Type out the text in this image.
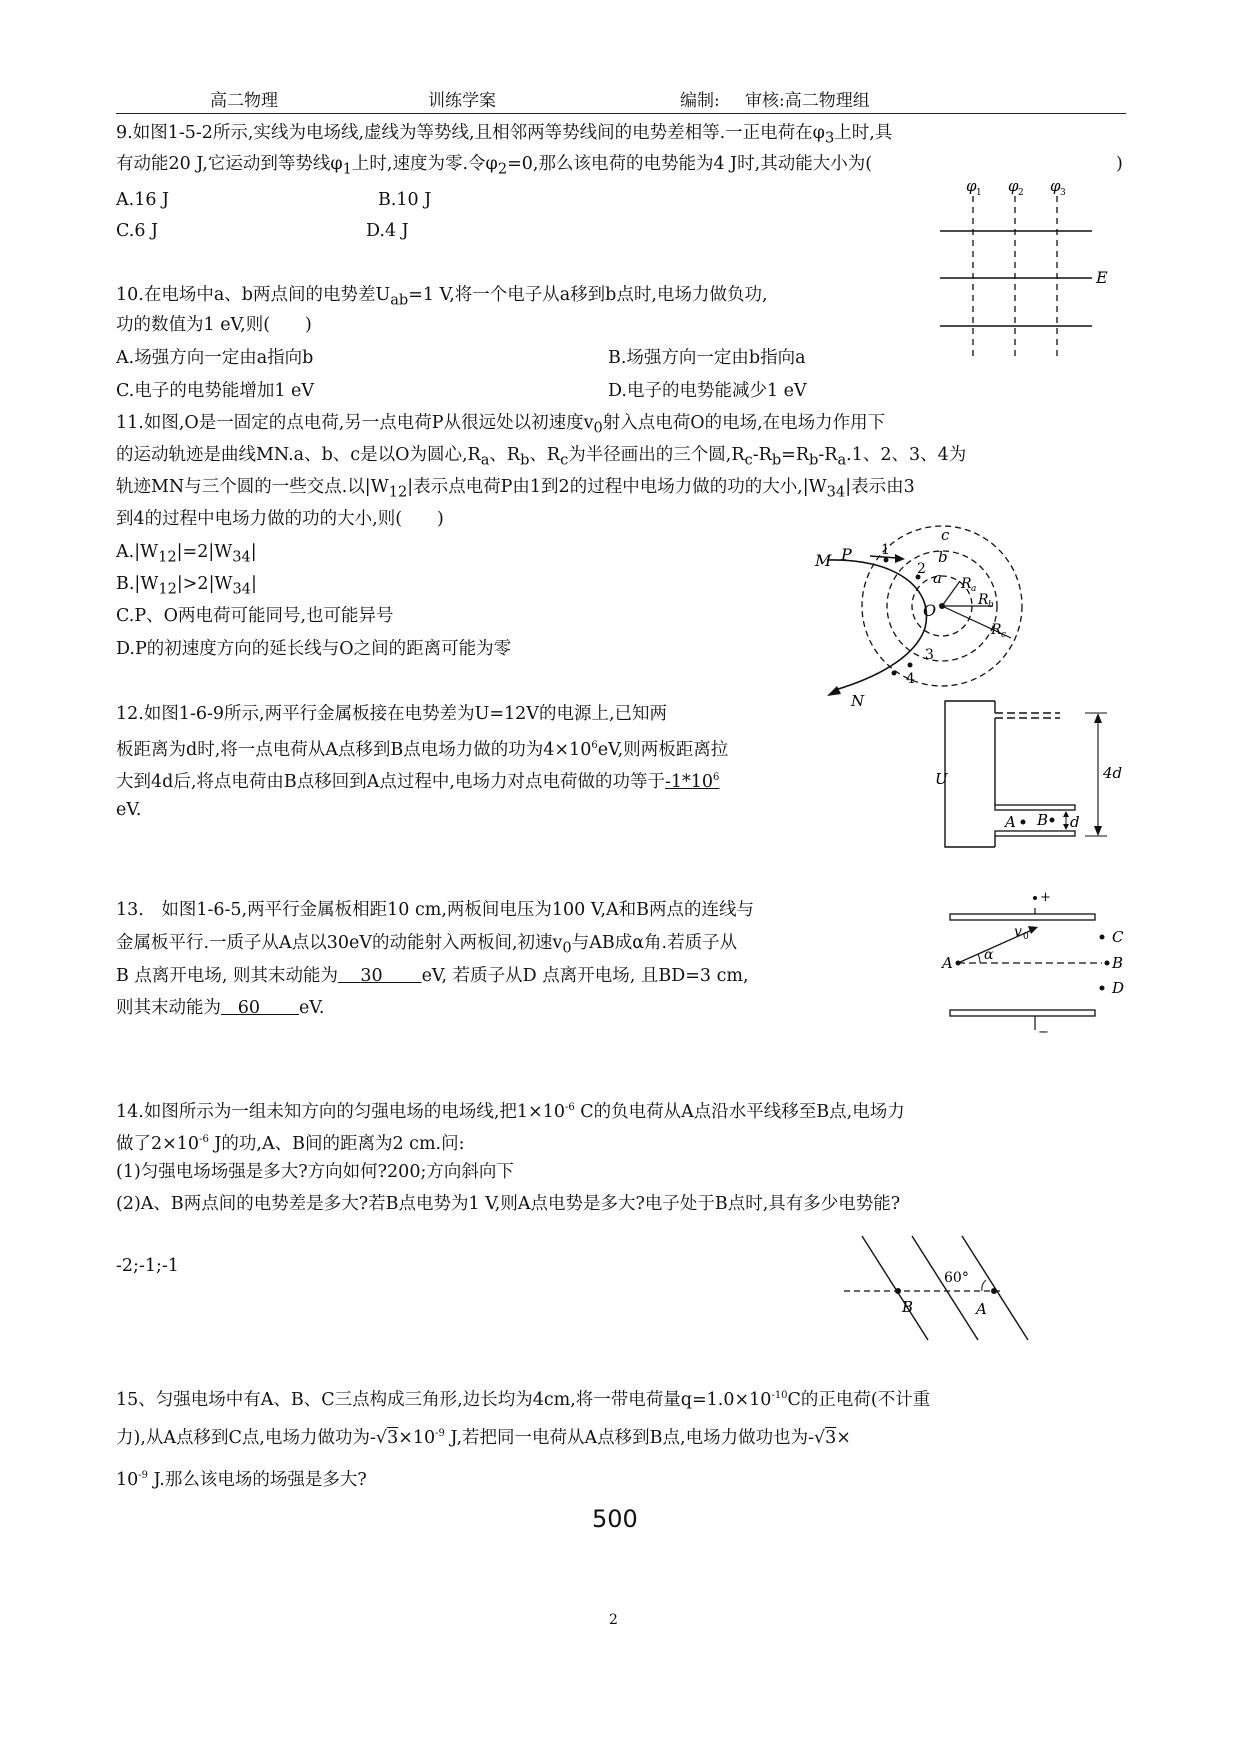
高二物理	训练学案	编制: 审核:高二物理组
9.如图1-5-2所示,实线为电场线,虚线为等势线,且相邻两等势线间的电势差相等.一正电荷在$\varphi_3$上时,具
有动能20 J,它运动到等势线$\varphi_1$上时,速度为零.令$\varphi_2=0$,那么该电荷的电势能为4 J时,其动能大小为(	)
A.16 J	B.10 J
C.6 J	D.4 J
φ 1 φ 2 φ 3
E
10.在电场中a、b两点间的电势差$U_{ab}=1$ V,将一个电子从a移到b点时,电场力做负功,
功的数值为1 eV,则(　　)
A.场强方向一定由a指向b	B.场强方向一定由b指向a
C.电子的电势能增加1 eV	D.电子的电势能减少1 eV
11.如图,O是一固定的点电荷,另一点电荷P从很远处以初速度$v_0$射入点电荷O的电场,在电场力作用下
的运动轨迹是曲线MN.a、b、c是以O为圆心$,R_a$、$R_b$、$R_c$为半径画出的三个圆$,R_c-R_b=R_b-R_a.1$、2、3、4为
轨迹MN与三个圆的一些交点.以$|W_{12}|$表示点电荷P由1到2的过程中电场力做的功的大小$,|W_{34}|$表示由3
到4的过程中电场力做的功的大小,则(　　)
$A.|W_{12}|=2|W_{34}|$
$B.|W_{12}|>2|W_{34}|$
C.P、O两电荷可能同号,也可能异号
D.P的初速度方向的延长线与O之间的距离可能为零
M P 1
2
3
4
a
b
c
O
R a
R b
R c
N
12.如图1-6-9所示,两平行金属板接在电势差为U=12V的电源上,已知两
板距离为d时,将一点电荷从A点移到B点电场力做的功为$4\times 10^6eV$,则两板距离拉
大到4d后,将点电荷由B点移回到A点过程中,电场力对点电荷做的功等于$-1*10^6$
eV.
U	4d
A B d
13.　如图1-6-5,两平行金属板相距10 cm,两板间电压为100 V,A和B两点的连线与
金属板平行.一质子从A点以30eV的动能射入两板间,初速$v_0$与AB成α角.若质子从
B 点离开电场, 则其末动能为 30 eV, 若质子从D 点离开电场, 且BD=3 cm,
则其末动能为 60 eV.
+
−
C
v 0
A α	B
D
14.如图所示为一组未知方向的匀强电场的电场线,把$1\times 10^{-6}$ C的负电荷从A点沿水平线移至B点,电场力
做了$2\times 10^{-6}$ J的功,A、B间的距离为2 cm.问:
(1)匀强电场场强是多大?方向如何?200;方向斜向下
(2)A、B两点间的电势差是多大?若B点电势为1 V,则A点电势是多大?电子处于B点时,具有多少电势能?
-2;-1;-1
60°
B	A
15、匀强电场中有A、B、C三点构成三角形,边长均为4cm,将一带电荷量$q=1.0\times 10^{-10}C$的正电荷(不计重
力),从A点移到C点,电场力做功为$-√3\times 10^{-9}$ J,若把同一电荷从A点移到B点,电场力做功也为-√3×
$10^{-9}$ J.那么该电场的场强是多大?
500
2
